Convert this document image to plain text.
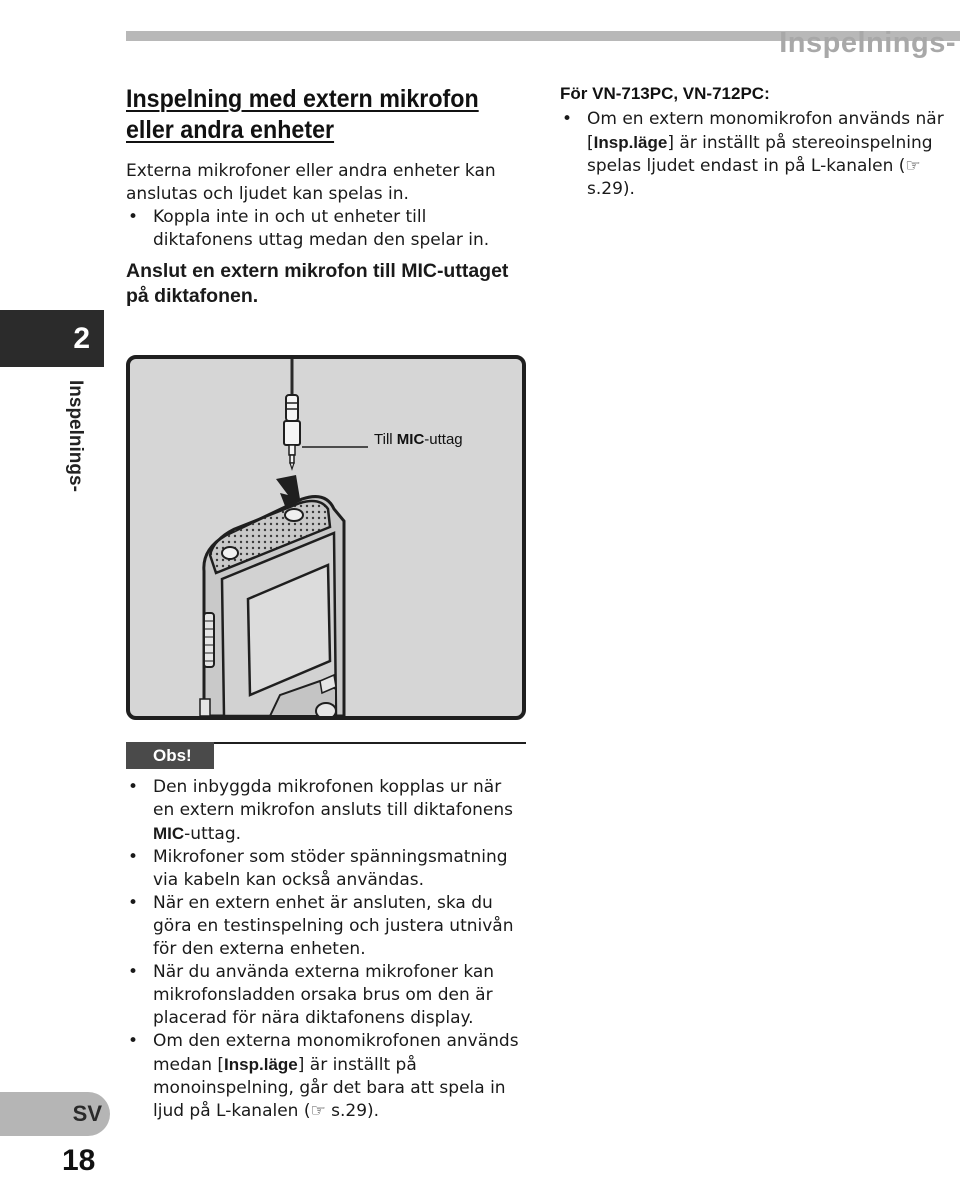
Inspelnings-
2
Inspelnings-
Inspelning med extern mikrofon
eller andra enheter
Externa mikrofoner eller andra enheter kan anslutas och ljudet kan spelas in.
• Koppla inte in och ut enheter till diktafonens uttag medan den spelar in.
Anslut en extern mikrofon till MIC-uttaget på diktafonen.
För VN-713PC, VN-712PC:
• Om en extern monomikrofon används när [Insp.läge] är inställt på stereoinspelning spelas ljudet endast in på L-kanalen (☞ s.29).
Till MIC-uttag
Obs!
• Den inbyggda mikrofonen kopplas ur när en extern mikrofon ansluts till diktafonens MIC-uttag.
• Mikrofoner som stöder spänningsmatning via kabeln kan också användas.
• När en extern enhet är ansluten, ska du göra en testinspelning och justera utnivån för den externa enheten.
• När du använda externa mikrofoner kan mikrofonsladden orsaka brus om den är placerad för nära diktafonens display.
• Om den externa monomikrofonen används medan [Insp.läge] är inställt på monoinspelning, går det bara att spela in ljud på L-kanalen (☞ s.29).
SV
18
